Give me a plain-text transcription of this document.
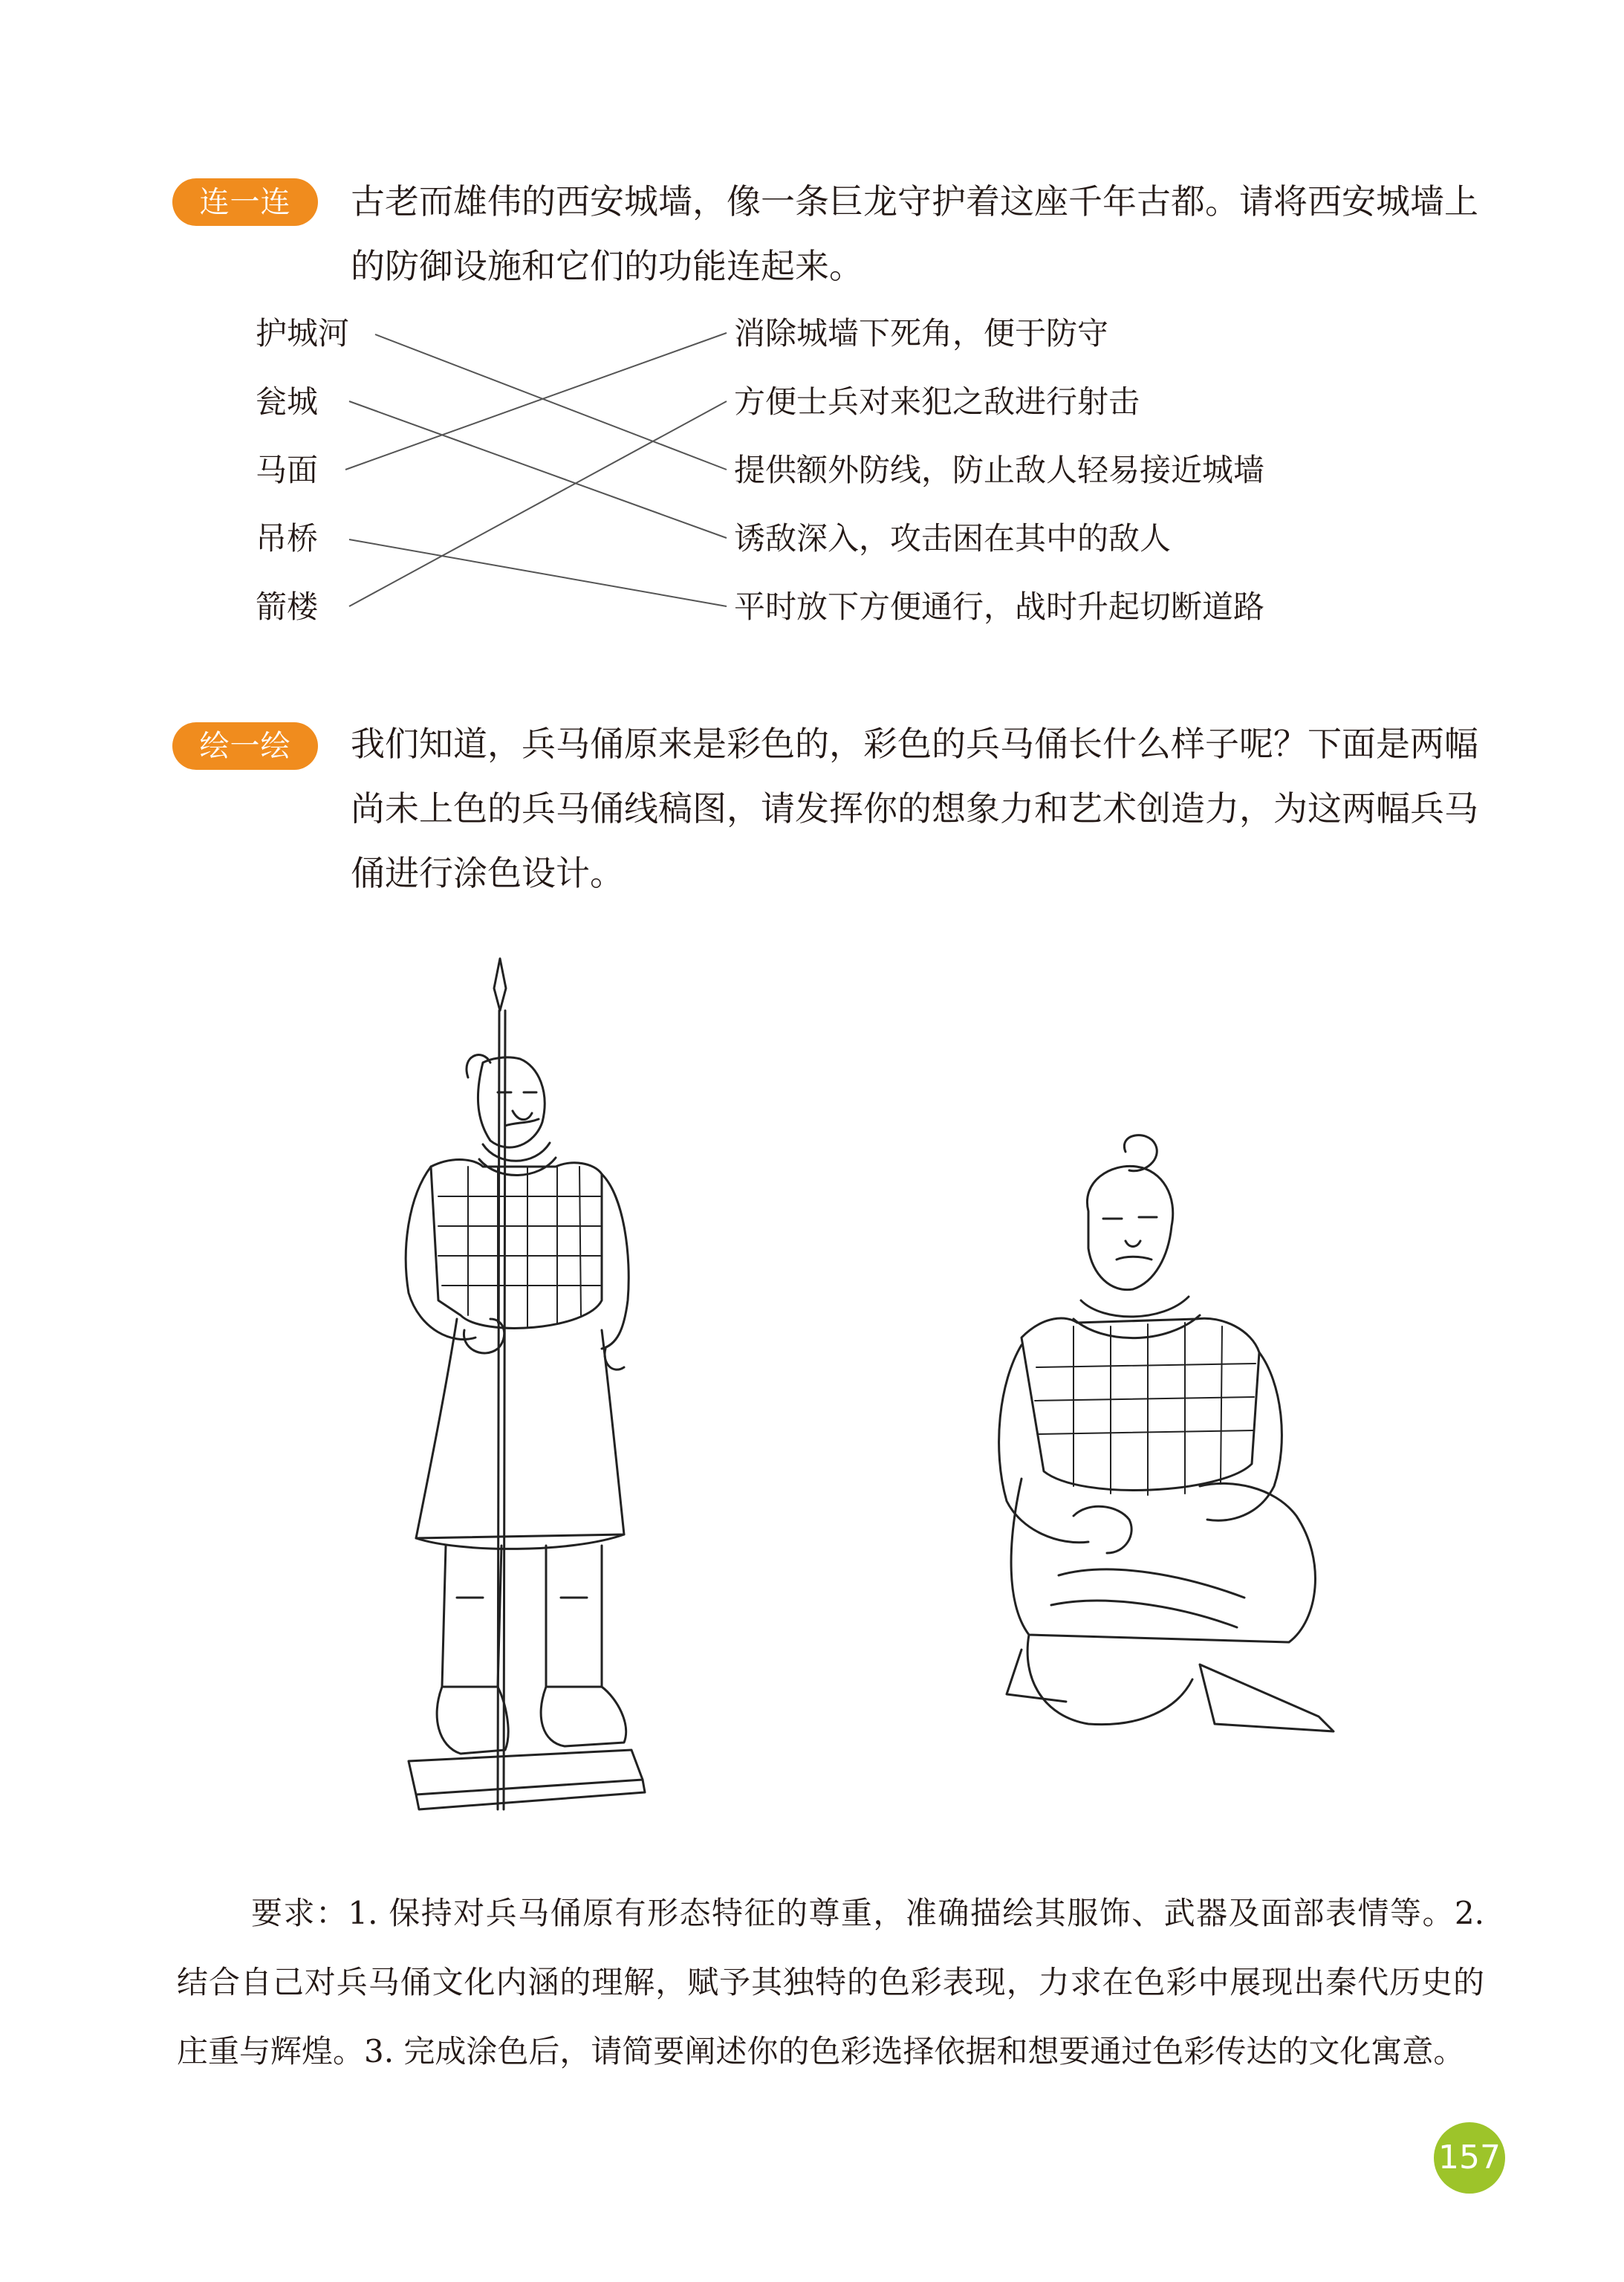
连一连	古老而雄伟的西安城墙，像一条巨龙守护着这座千年古都。请将西安城墙上的防御设施和它们的功能连起来。
护城河
瓮城
马面
吊桥
箭楼
消除城墙下死角，便于防守
方便士兵对来犯之敌进行射击
提供额外防线，防止敌人轻易接近城墙
诱敌深入，攻击困在其中的敌人
平时放下方便通行，战时升起切断道路
绘一绘	我们知道，兵马俑原来是彩色的，彩色的兵马俑长什么样子呢？下面是两幅尚未上色的兵马俑线稿图，请发挥你的想象力和艺术创造力，为这两幅兵马俑进行涂色设计。
要求：1. 保持对兵马俑原有形态特征的尊重，准确描绘其服饰、武器及面部表情等。2. 结合自己对兵马俑文化内涵的理解，赋予其独特的色彩表现，力求在色彩中展现出秦代历史的庄重与辉煌。3. 完成涂色后，请简要阐述你的色彩选择依据和想要通过色彩传达的文化寓意。
157
